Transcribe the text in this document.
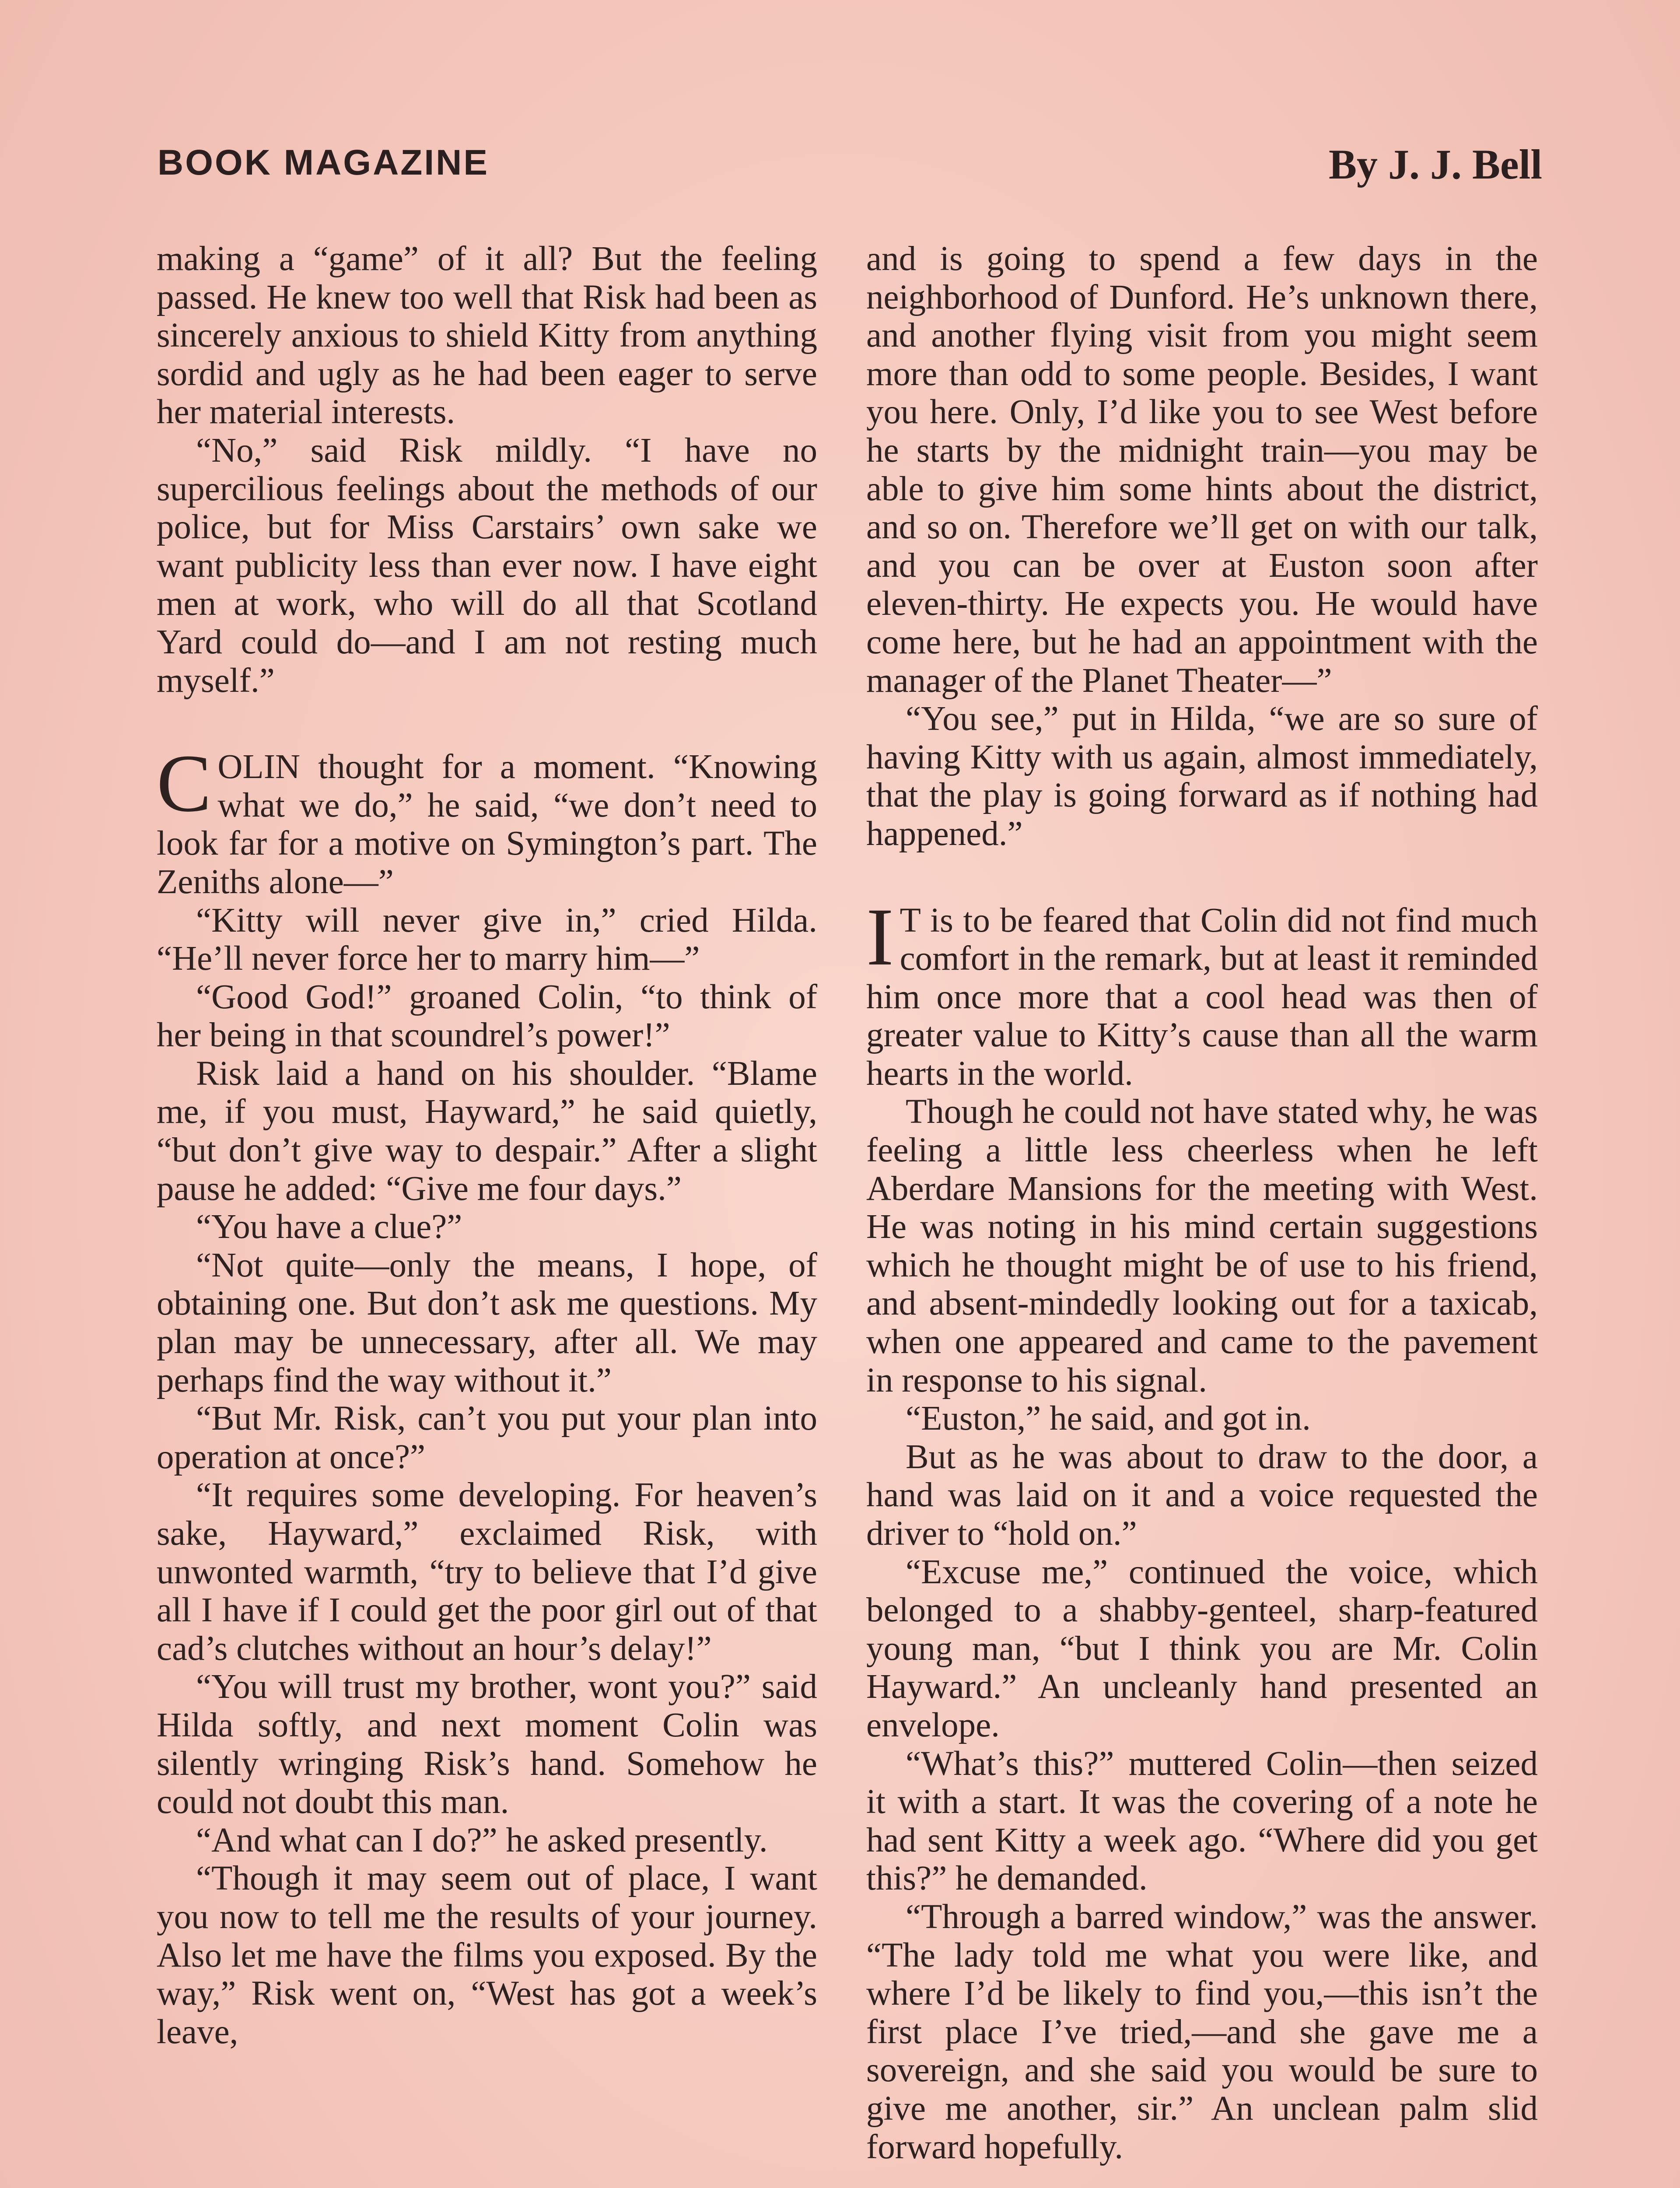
BOOK MAGAZINE	By J. J. Bell

making a “game” of it all? But the feeling passed. He knew too well that Risk had been as sincerely anxious to shield Kitty from anything sordid and ugly as he had been eager to serve her material interests.

“No,” said Risk mildly. “I have no supercilious feelings about the methods of our police, but for Miss Carstairs’ own sake we want publicity less than ever now. I have eight men at work, who will do all that Scotland Yard could do—and I am not resting much myself.”

COLIN thought for a moment. “Knowing what we do,” he said, “we don’t need to look far for a motive on Symington’s part. The Zeniths alone—”

“Kitty will never give in,” cried Hilda. “He’ll never force her to marry him—”

“Good God!” groaned Colin, “to think of her being in that scoundrel’s power!”

Risk laid a hand on his shoulder. “Blame me, if you must, Hayward,” he said quietly, “but don’t give way to despair.” After a slight pause he added: “Give me four days.”

“You have a clue?”

“Not quite—only the means, I hope, of obtaining one. But don’t ask me questions. My plan may be unnecessary, after all. We may perhaps find the way without it.”

“But Mr. Risk, can’t you put your plan into operation at once?”

“It requires some developing. For heaven’s sake, Hayward,” exclaimed Risk, with unwonted warmth, “try to believe that I’d give all I have if I could get the poor girl out of that cad’s clutches without an hour’s delay!”

“You will trust my brother, wont you?” said Hilda softly, and next moment Colin was silently wringing Risk’s hand. Somehow he could not doubt this man.

“And what can I do?” he asked presently.

“Though it may seem out of place, I want you now to tell me the results of your journey. Also let me have the films you exposed. By the way,” Risk went on, “West has got a week’s leave,

and is going to spend a few days in the neighborhood of Dunford. He’s unknown there, and another flying visit from you might seem more than odd to some people. Besides, I want you here. Only, I’d like you to see West before he starts by the midnight train—you may be able to give him some hints about the district, and so on. Therefore we’ll get on with our talk, and you can be over at Euston soon after eleven-thirty. He expects you. He would have come here, but he had an appointment with the manager of the Planet Theater—”

“You see,” put in Hilda, “we are so sure of having Kitty with us again, almost immediately, that the play is going forward as if nothing had happened.”

I T is to be feared that Colin did not find much comfort in the remark, but at least it reminded him once more that a cool head was then of greater value to Kitty’s cause than all the warm hearts in the world.

Though he could not have stated why, he was feeling a little less cheerless when he left Aberdare Mansions for the meeting with West. He was noting in his mind certain suggestions which he thought might be of use to his friend, and absent-mindedly looking out for a taxicab, when one appeared and came to the pavement in response to his signal.

“Euston,” he said, and got in.

But as he was about to draw to the door, a hand was laid on it and a voice requested the driver to “hold on.”

“Excuse me,” continued the voice, which belonged to a shabby-genteel, sharp-featured young man, “but I think you are Mr. Colin Hayward.” An uncleanly hand presented an envelope.

“What’s this?” muttered Colin—then seized it with a start. It was the covering of a note he had sent Kitty a week ago. “Where did you get this?” he demanded.

“Through a barred window,” was the answer. “The lady told me what you were like, and where I’d be likely to find you,—this isn’t the first place I’ve tried,—and she gave me a sovereign, and she said you would be sure to give me another, sir.” An unclean palm slid forward hopefully.
